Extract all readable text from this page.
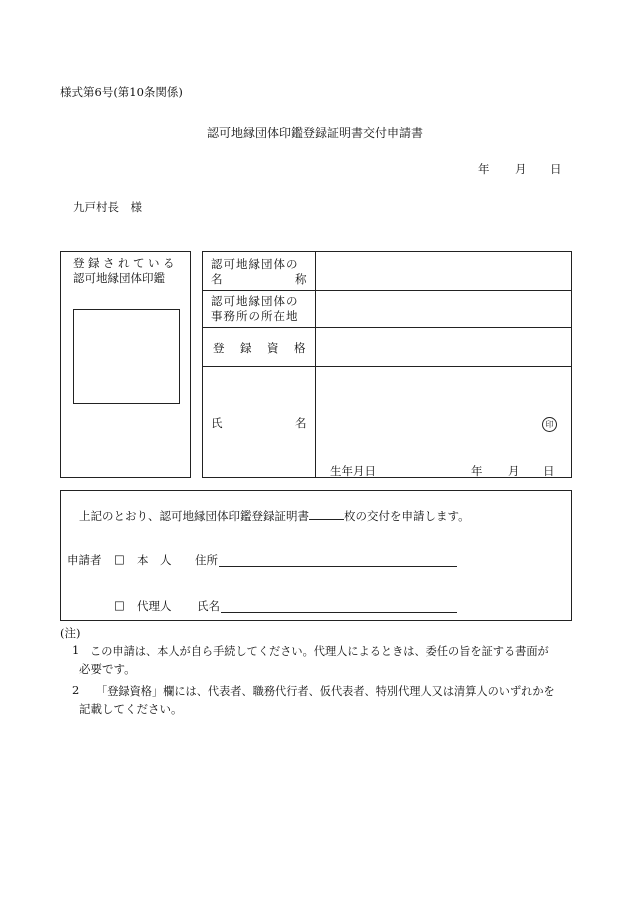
様式第6号(第10条関係)
認可地縁団体印鑑登録証明書交付申請書
年 月 日
九戸村長　様
登録されている
認可地縁団体印鑑
認可地縁団体の
名	称
認可地縁団体の
事務所の所在地
登　録　資　格
氏	名	印
生年月日	年 月 日
上記のとおり、認可地縁団体印鑑登録証明書	枚の交付を申請します。
申請者 □ 本　人 住所
□ 代理人 氏名
(注)
1 この申請は、本人が自ら手続してください。代理人によるときは、委任の旨を証する書面が
必要です。
2 「登録資格」欄には、代表者、職務代行者、仮代表者、特別代理人又は清算人のいずれかを
記載してください。
